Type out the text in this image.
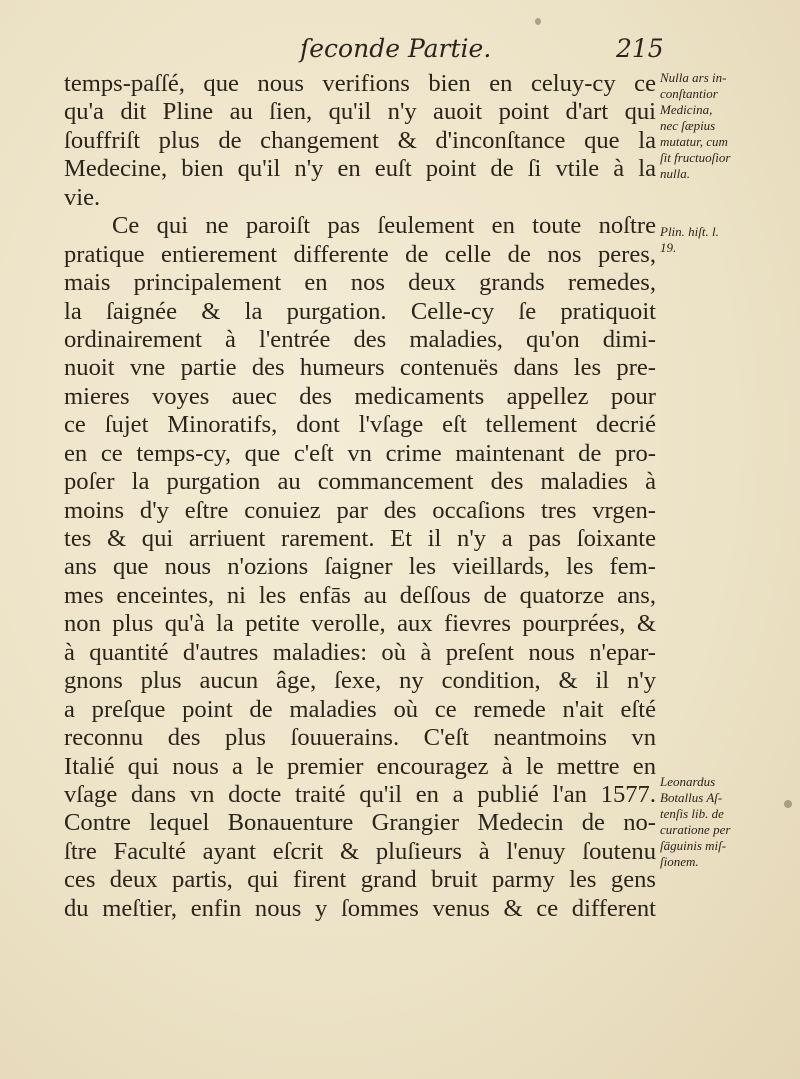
ſeconde Partie.	215
temps-paſſé, que nous verifions bien en celuy-cy ce
qu'a dit Pline au ſien, qu'il n'y auoit point d'art qui
ſouffriſt plus de changement & d'inconſtance que la
Medecine, bien qu'il n'y en euſt point de ſi vtile à la
vie.
Ce qui ne paroiſt pas ſeulement en toute noſtre
pratique entierement differente de celle de nos peres,
mais principalement en nos deux grands remedes,
la ſaignée & la purgation. Celle-cy ſe pratiquoit
ordinairement à l'entrée des maladies, qu'on dimi-
nuoit vne partie des humeurs contenuës dans les pre-
mieres voyes auec des medicaments appellez pour
ce ſujet Minoratifs, dont l'vſage eſt tellement decrié
en ce temps-cy, que c'eſt vn crime maintenant de pro-
poſer la purgation au commancement des maladies à
moins d'y eſtre conuiez par des occaſions tres vrgen-
tes & qui arriuent rarement. Et il n'y a pas ſoixante
ans que nous n'ozions ſaigner les vieillards, les fem-
mes enceintes, ni les enfās au deſſous de quatorze ans,
non plus qu'à la petite verolle, aux fievres pourprées, &
à quantité d'autres maladies: où à preſent nous n'epar-
gnons plus aucun âge, ſexe, ny condition, & il n'y
a preſque point de maladies où ce remede n'ait eſté
reconnu des plus ſouuerains. C'eſt neantmoins vn
Italié qui nous a le premier encouragez à le mettre en
vſage dans vn docte traité qu'il en a publié l'an 1577.
Contre lequel Bonauenture Grangier Medecin de no-
ſtre Faculté ayant eſcrit & pluſieurs à l'enuy ſoutenu
ces deux partis, qui firent grand bruit parmy les gens
du meſtier, enfin nous y ſommes venus & ce different
Nulla ars in-
conſtantior
Medicina,
nec ſæpius
mutatur, cum
ſit fructuoſior
nulla.
Plin. hiſt. l.
19.
Leonardus
Botallus Aſ-
tenſis lib. de
curatione per
ſāguinis miſ-
ſionem.
